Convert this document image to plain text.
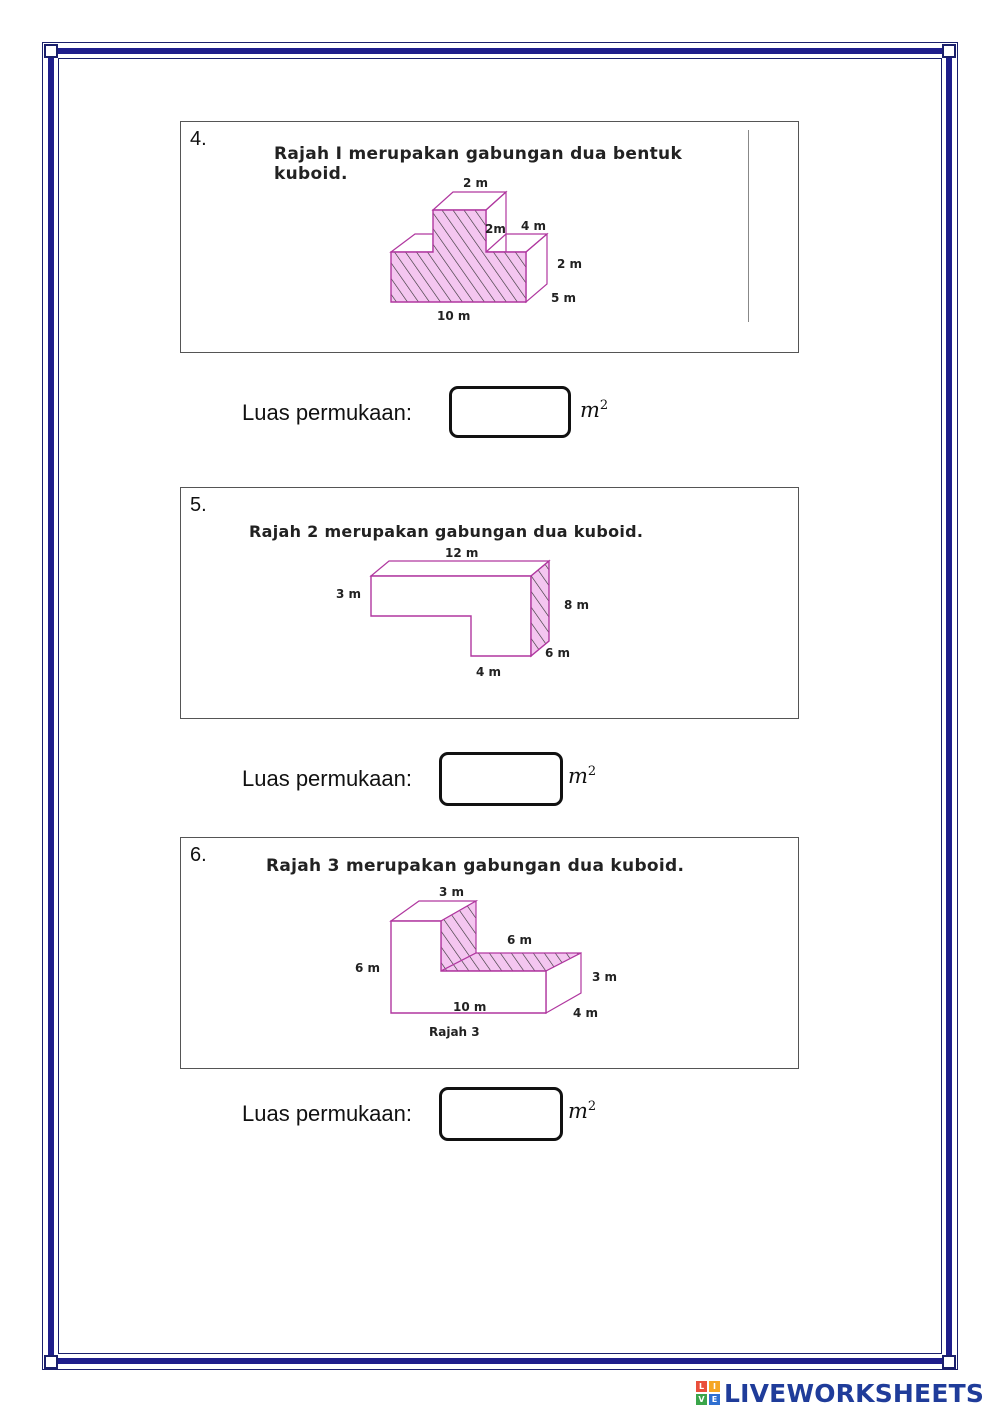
4.
Rajah I merupakan gabungan dua bentuk
kuboid.	2 m
2m 4 m
2 m
5 m
10 m
Luas permukaan:	$m^2$
5.
Rajah 2 merupakan gabungan dua kuboid.
12 m
3 m
8 m
6 m
4 m
Luas permukaan:	$m^2$
6.	Rajah 3 merupakan gabungan dua kuboid.
3 m
6 m
6 m
3 m
10 m	4 m
Rajah 3
Luas permukaan:	$m^2$
L	I
V E LIVEWORKSHEETS
